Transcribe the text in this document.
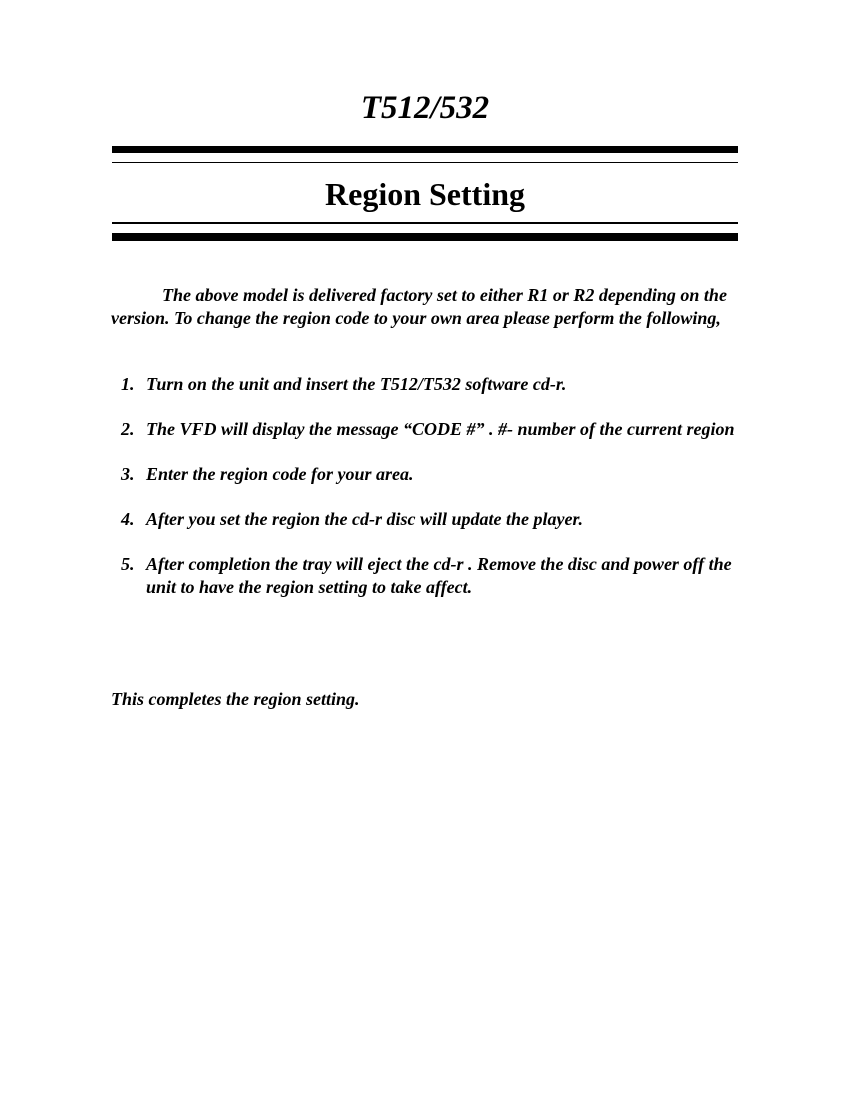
T512/532
Region Setting

The above model is delivered factory set to either R1 or R2 depending on the version. To change the region code to your own area please perform the following,

1. Turn on the unit and insert the T512/T532 software cd-r.
2. The VFD will display the message “CODE #” . #- number of the current region
3. Enter the region code for your area.
4. After you set the region the cd-r disc will update the player.
5. After completion the tray will eject the cd-r . Remove the disc and power off the unit to have the region setting to take affect.

This completes the region setting.
